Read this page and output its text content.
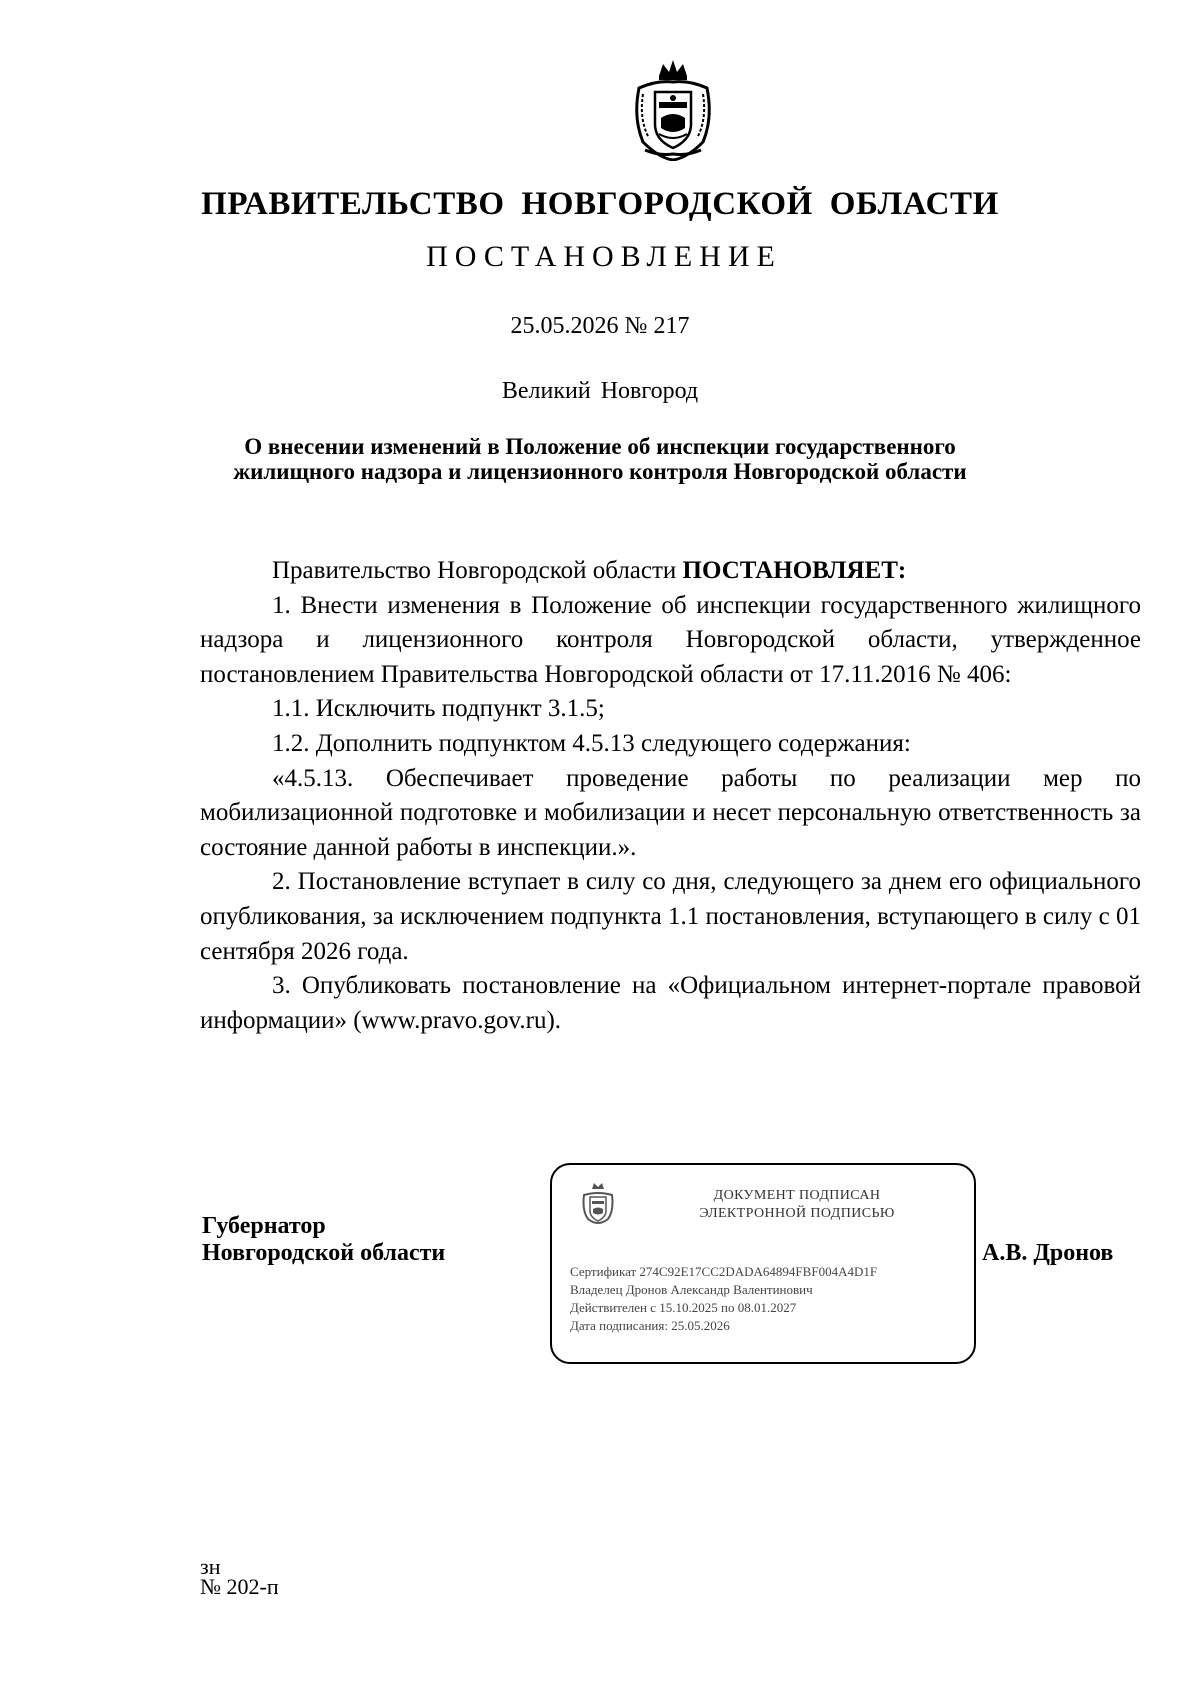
ПРАВИТЕЛЬСТВО НОВГОРОДСКОЙ ОБЛАСТИ
ПОСТАНОВЛЕНИЕ
25.05.2026 № 217
Великий Новгород
О внесении изменений в Положение об инспекции государственного
жилищного надзора и лицензионного контроля Новгородской области

Правительство Новгородской области ПОСТАНОВЛЯЕТ:

1. Внести изменения в Положение об инспекции государственного жилищного надзора и лицензионного контроля Новгородской области, утвержденное постановлением Правительства Новгородской области от 17.11.2016 № 406:

1.1. Исключить подпункт 3.1.5;

1.2. Дополнить подпунктом 4.5.13 следующего содержания:

«4.5.13. Обеспечивает проведение работы по реализации мер по мобилизационной подготовке и мобилизации и несет персональную ответственность за состояние данной работы в инспекции.».

2. Постановление вступает в силу со дня, следующего за днем его официального опубликования, за исключением подпункта 1.1 постановления, вступающего в силу с 01 сентября 2026 года.

3. Опубликовать постановление на «Официальном интернет-портале правовой информации» (www.pravo.gov.ru).

Губернатор
Новгородской области
ДОКУМЕНТ ПОДПИСАН
ЭЛЕКТРОННОЙ ПОДПИСЬЮ
Сертификат 274C92E17CC2DADA64894FBF004A4D1F
Владелец Дронов Александр Валентинович
Действителен с 15.10.2025 по 08.01.2027
Дата подписания: 25.05.2026
А.В. Дронов
зн
№ 202-п
